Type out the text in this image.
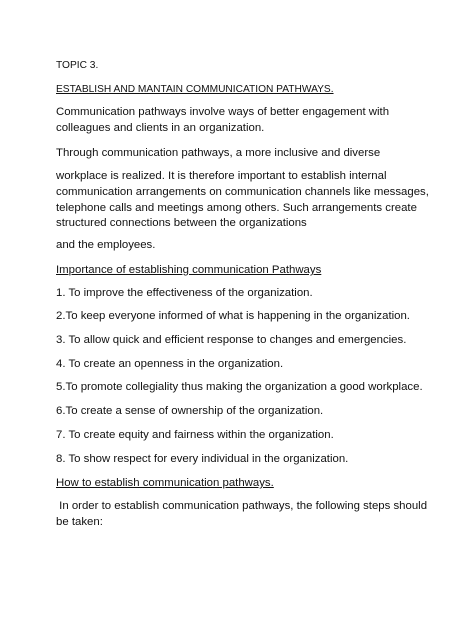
TOPIC 3.
ESTABLISH AND MANTAIN COMMUNICATION PATHWAYS.
Communication pathways involve ways of better engagement with colleagues and clients in an organization.
Through communication pathways, a more inclusive and diverse
workplace is realized. It is therefore important to establish internal communication arrangements on communication channels like messages, telephone calls and meetings among others. Such arrangements create structured connections between the organizations
and the employees.
Importance of establishing communication Pathways
1. To improve the effectiveness of the organization.
2.To keep everyone informed of what is happening in the organization.
3. To allow quick and efficient response to changes and emergencies.
4. To create an openness in the organization.
5.To promote collegiality thus making the organization a good workplace.
6.To create a sense of ownership of the organization.
7. To create equity and fairness within the organization.
8. To show respect for every individual in the organization.
How to establish communication pathways.
In order to establish communication pathways, the following steps should be taken:
